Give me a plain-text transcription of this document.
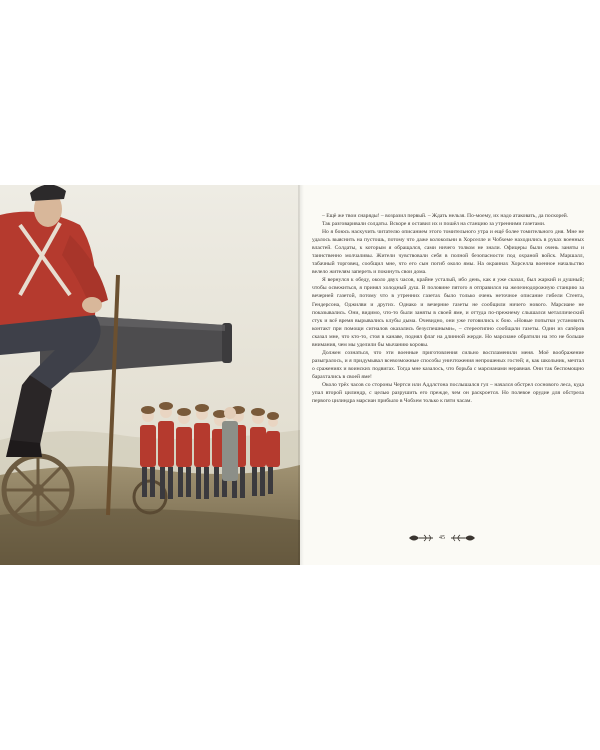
– Ещё же твои снаряды! – возразил первый. – Ждать нельзя. По-моему, их надо атаковать, да поскорей.

Так разговаривали солдаты. Вскоре я оставил их и пошёл на станцию за утренними газетами.

Но я боюсь наскучить читателю описанием этого томительного утра и ещё более томительного дня. Мне не удалось выяснить на пустошь, потому что даже колокольни в Хорселле и Чобхеме находились в руках военных властей. Солдаты, к которым я обращался, сами ничего толком не знали. Офицеры были очень заняты и таинственно молчаливы. Жители чувствовали себя в полной безопасности под охраной войск. Маршалл, табачный торговец, сообщил мне, что его сын погиб около ямы. На окраинах Хорселла военное начальство велело жителям запереть и покинуть свои дома.

Я вернулся к обеду, около двух часов, крайне усталый, ибо день, как я уже сказал, был жаркий и душный; чтобы освежиться, я принял холодный душ. В половине пятого я отправился на железнодорожную станцию за вечерней газетой, потому что в утренних газетах было только очень неточное описание гибели Стента, Гендерсона, Оджилви и других. Однако и вечерние газеты не сообщили ничего нового. Марсиане не показывались. Они, видимо, что-то были заняты в своей яме, и оттуда по-прежнему слышался металлический стук и всё время вырывались клубы дыма. Очевидно, они уже готовились к бою. «Новые попытки установить контакт при помощи сигналов оказались безуспешными», – стереотипно сообщали газеты. Один из сапёров сказал мне, что кто-то, стоя в канаве, поднял флаг на длинной жерди. Но марсиане обратили на это не больше внимания, чем мы уделили бы мычанию коровы.

Должен сознаться, что эти военные приготовления сильно воспламенили меня. Моё воображение разыгралось, и я придумывал всевозможные способы уничтожения непрошеных гостей; я, как школьник, мечтал о сражениях и воинских подвигах. Тогда мне казалось, что борьба с марсианами неравная. Они так беспомощно барахтались в своей яме!

Около трёх часов со стороны Чертси или Аддлстона послышался гул – начался обстрел соснового леса, куда упал второй цилиндр, с целью разрушить его прежде, чем он раскроется. Но полевое орудие для обстрела первого цилиндра марсиан прибыло в Чобхем только к пяти часам.

45
